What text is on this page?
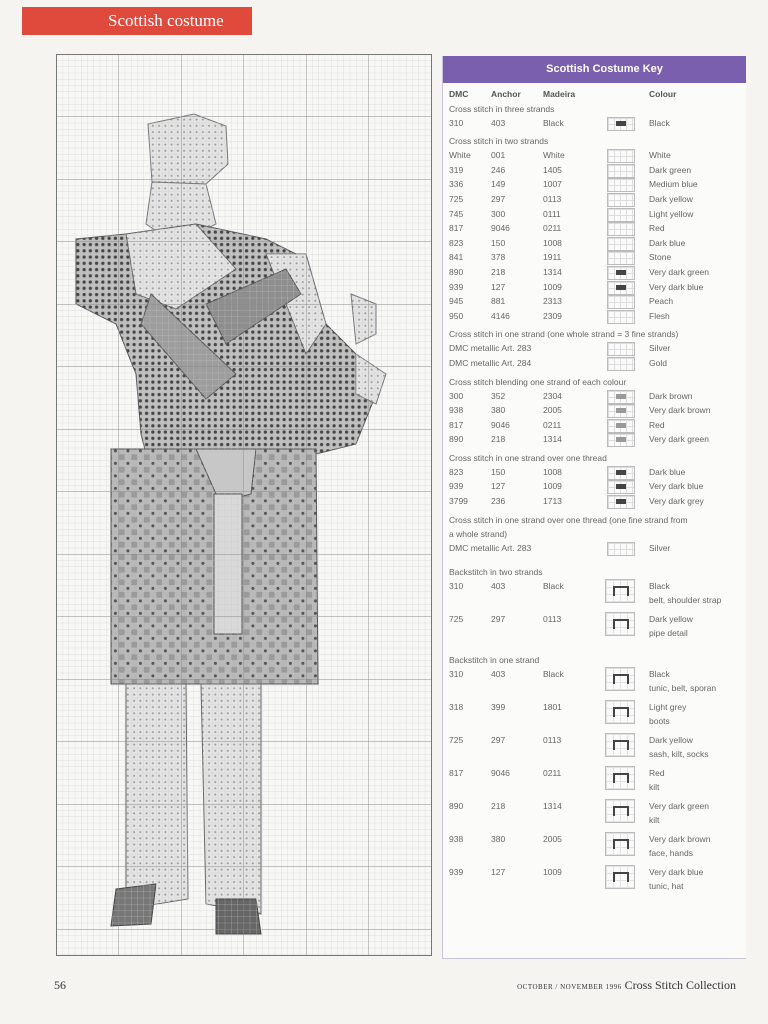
Scottish costume
Scottish Costume Key
DMC	Anchor	Madeira	Colour
Cross stitch in three strands
310	403	Black	Black
Cross stitch in two strands
White 001	White	White
319	246	1405	Dark green
336	149	1007	Medium blue
725	297	0113	Dark yellow
745	300	0111	Light yellow
817	9046	0211	Red
823	150	1008	Dark blue
841	378	1911	Stone
890	218	1314	Very dark green
939	127	1009	Very dark blue
945	881	2313	Peach
950	4146	2309	Flesh
Cross stitch in one strand (one whole strand = 3 fine strands)
DMC metallic Art. 283	Silver
DMC metallic Art. 284	Gold
Cross stitch blending one strand of each colour
300	352	2304	Dark brown
938	380	2005	Very dark brown
817	9046	0211	Red
890	218	1314	Very dark green
Cross stitch in one strand over one thread
823	150	1008	Dark blue
939	127	1009	Very dark blue
3799	236	1713	Very dark grey
Cross stitch in one strand over one thread (one fine strand from
a whole strand)
DMC metallic Art. 283	Silver
Backstitch in two strands
310	403	Black	Black
belt, shoulder strap
725	297	0113	Dark yellow
pipe detail
Backstitch in one strand
310	403	Black	Black
tunic, belt, sporan
318	399	1801	Light grey
boots
725	297	0113	Dark yellow
sash, kilt, socks
817	9046	0211	Red
kilt
890	218	1314	Very dark green
kilt
938	380	2005	Very dark brown
face, hands
939	127	1009	Very dark blue
tunic, hat
56	OCTOBER / NOVEMBER 1996 Cross Stitch Collection
